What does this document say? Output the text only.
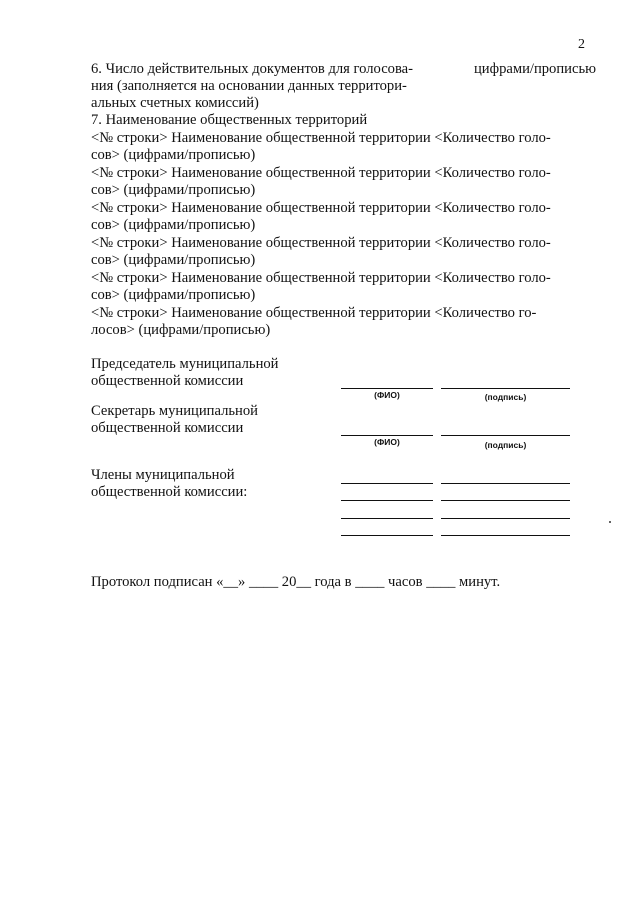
2
6. Число действительных документов для голосова-
ния (заполняется на основании данных территори-
альных счетных комиссий)
цифрами/прописью
7. Наименование общественных территорий
<№ строки> Наименование общественной территории <Количество голо-
сов> (цифрами/прописью)
<№ строки> Наименование общественной территории <Количество голо-
сов> (цифрами/прописью)
<№ строки> Наименование общественной территории <Количество голо-
сов> (цифрами/прописью)
<№ строки> Наименование общественной территории <Количество голо-
сов> (цифрами/прописью)
<№ строки> Наименование общественной территории <Количество голо-
сов> (цифрами/прописью)
<№ строки> Наименование общественной территории <Количество го-
лосов> (цифрами/прописью)
Председатель муниципальной
общественной комиссии
(ФИО)	(подпись)
Секретарь муниципальной
общественной комиссии
(ФИО)	(подпись)
Члены муниципальной
общественной комиссии:
Протокол подписан «__» ____ 20__ года в ____ часов ____ минут.
